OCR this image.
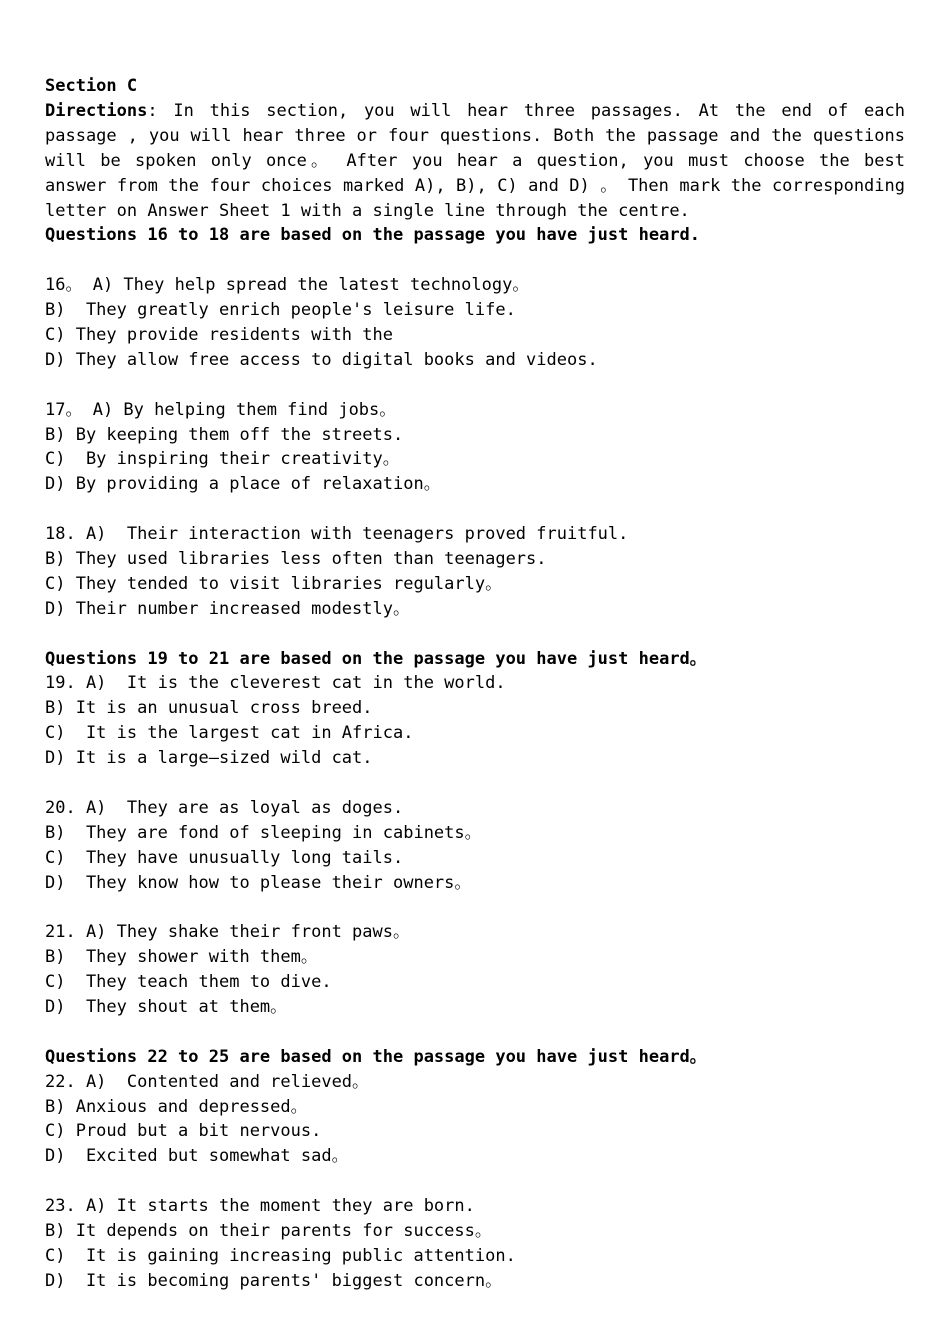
Section C
Directions: In this section, you will hear three passages. At the end of each passage , you will hear three or four questions. Both the passage and the questions will be spoken only once。 After you hear a question, you must choose the best answer from the four choices marked A), B), C) and D) 。 Then mark the corresponding letter on Answer Sheet 1 with a single line through the centre.
Questions 16 to 18 are based on the passage you have just heard.
16。 A) They help spread the latest technology。
B)  They greatly enrich people's leisure life.
C) They provide residents with the
D) They allow free access to digital books and videos.
17。 A) By helping them find jobs。
B) By keeping them off the streets.
C)  By inspiring their creativity。
D) By providing a place of relaxation。
18. A)  Their interaction with teenagers proved fruitful.
B) They used libraries less often than teenagers.
C) They tended to visit libraries regularly。
D) Their number increased modestly。
Questions 19 to 21 are based on the passage you have just heard。
19. A)  It is the cleverest cat in the world.
B) It is an unusual cross breed.
C)  It is the largest cat in Africa.
D) It is a large—sized wild cat.
20. A)  They are as loyal as doges.
B)  They are fond of sleeping in cabinets。
C)  They have unusually long tails.
D)  They know how to please their owners。
21. A) They shake their front paws。
B)  They shower with them。
C)  They teach them to dive.
D)  They shout at them。
Questions 22 to 25 are based on the passage you have just heard。
22. A)  Contented and relieved。
B) Anxious and depressed。
C) Proud but a bit nervous.
D)  Excited but somewhat sad。
23. A) It starts the moment they are born.
B) It depends on their parents for success。
C)  It is gaining increasing public attention.
D)  It is becoming parents' biggest concern。
